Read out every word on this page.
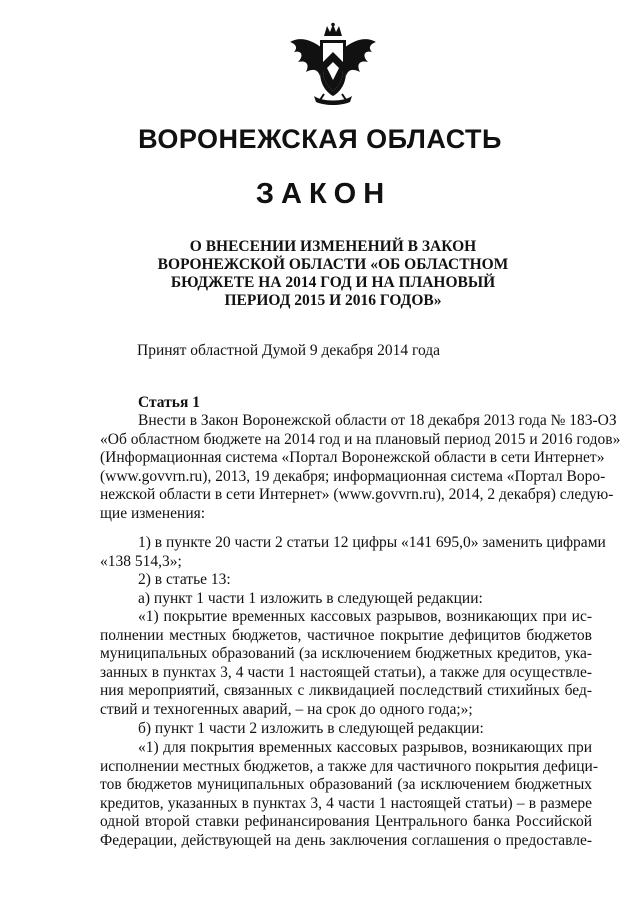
ВОРОНЕЖСКАЯ ОБЛАСТЬ
ЗАКОН
О ВНЕСЕНИИ ИЗМЕНЕНИЙ В ЗАКОН
ВОРОНЕЖСКОЙ ОБЛАСТИ «ОБ ОБЛАСТНОМ
БЮДЖЕТЕ НА 2014 ГОД И НА ПЛАНОВЫЙ
ПЕРИОД 2015 И 2016 ГОДОВ»
Принят областной Думой 9 декабря 2014 года
Статья 1
Внести в Закон Воронежской области от 18 декабря 2013 года № 183-ОЗ
«Об областном бюджете на 2014 год и на плановый период 2015 и 2016 годов»
(Информационная система «Портал Воронежской области в сети Интернет»
(www.govvrn.ru), 2013, 19 декабря; информационная система «Портал Воро-
нежской области в сети Интернет» (www.govvrn.ru), 2014, 2 декабря) следую-
щие изменения:
1) в пункте 20 части 2 статьи 12 цифры «141 695,0» заменить цифрами
«138 514,3»;
2) в статье 13:
а) пункт 1 части 1 изложить в следующей редакции:
«1) покрытие временных кассовых разрывов, возникающих при ис-
полнении местных бюджетов, частичное покрытие дефицитов бюджетов
муниципальных образований (за исключением бюджетных кредитов, ука-
занных в пунктах 3, 4 части 1 настоящей статьи), а также для осуществле-
ния мероприятий, связанных с ликвидацией последствий стихийных бед-
ствий и техногенных аварий, – на срок до одного года;»;
б) пункт 1 части 2 изложить в следующей редакции:
«1) для покрытия временных кассовых разрывов, возникающих при
исполнении местных бюджетов, а также для частичного покрытия дефици-
тов бюджетов муниципальных образований (за исключением бюджетных
кредитов, указанных в пунктах 3, 4 части 1 настоящей статьи) – в размере
одной второй ставки рефинансирования Центрального банка Российской
Федерации, действующей на день заключения соглашения о предоставле-
